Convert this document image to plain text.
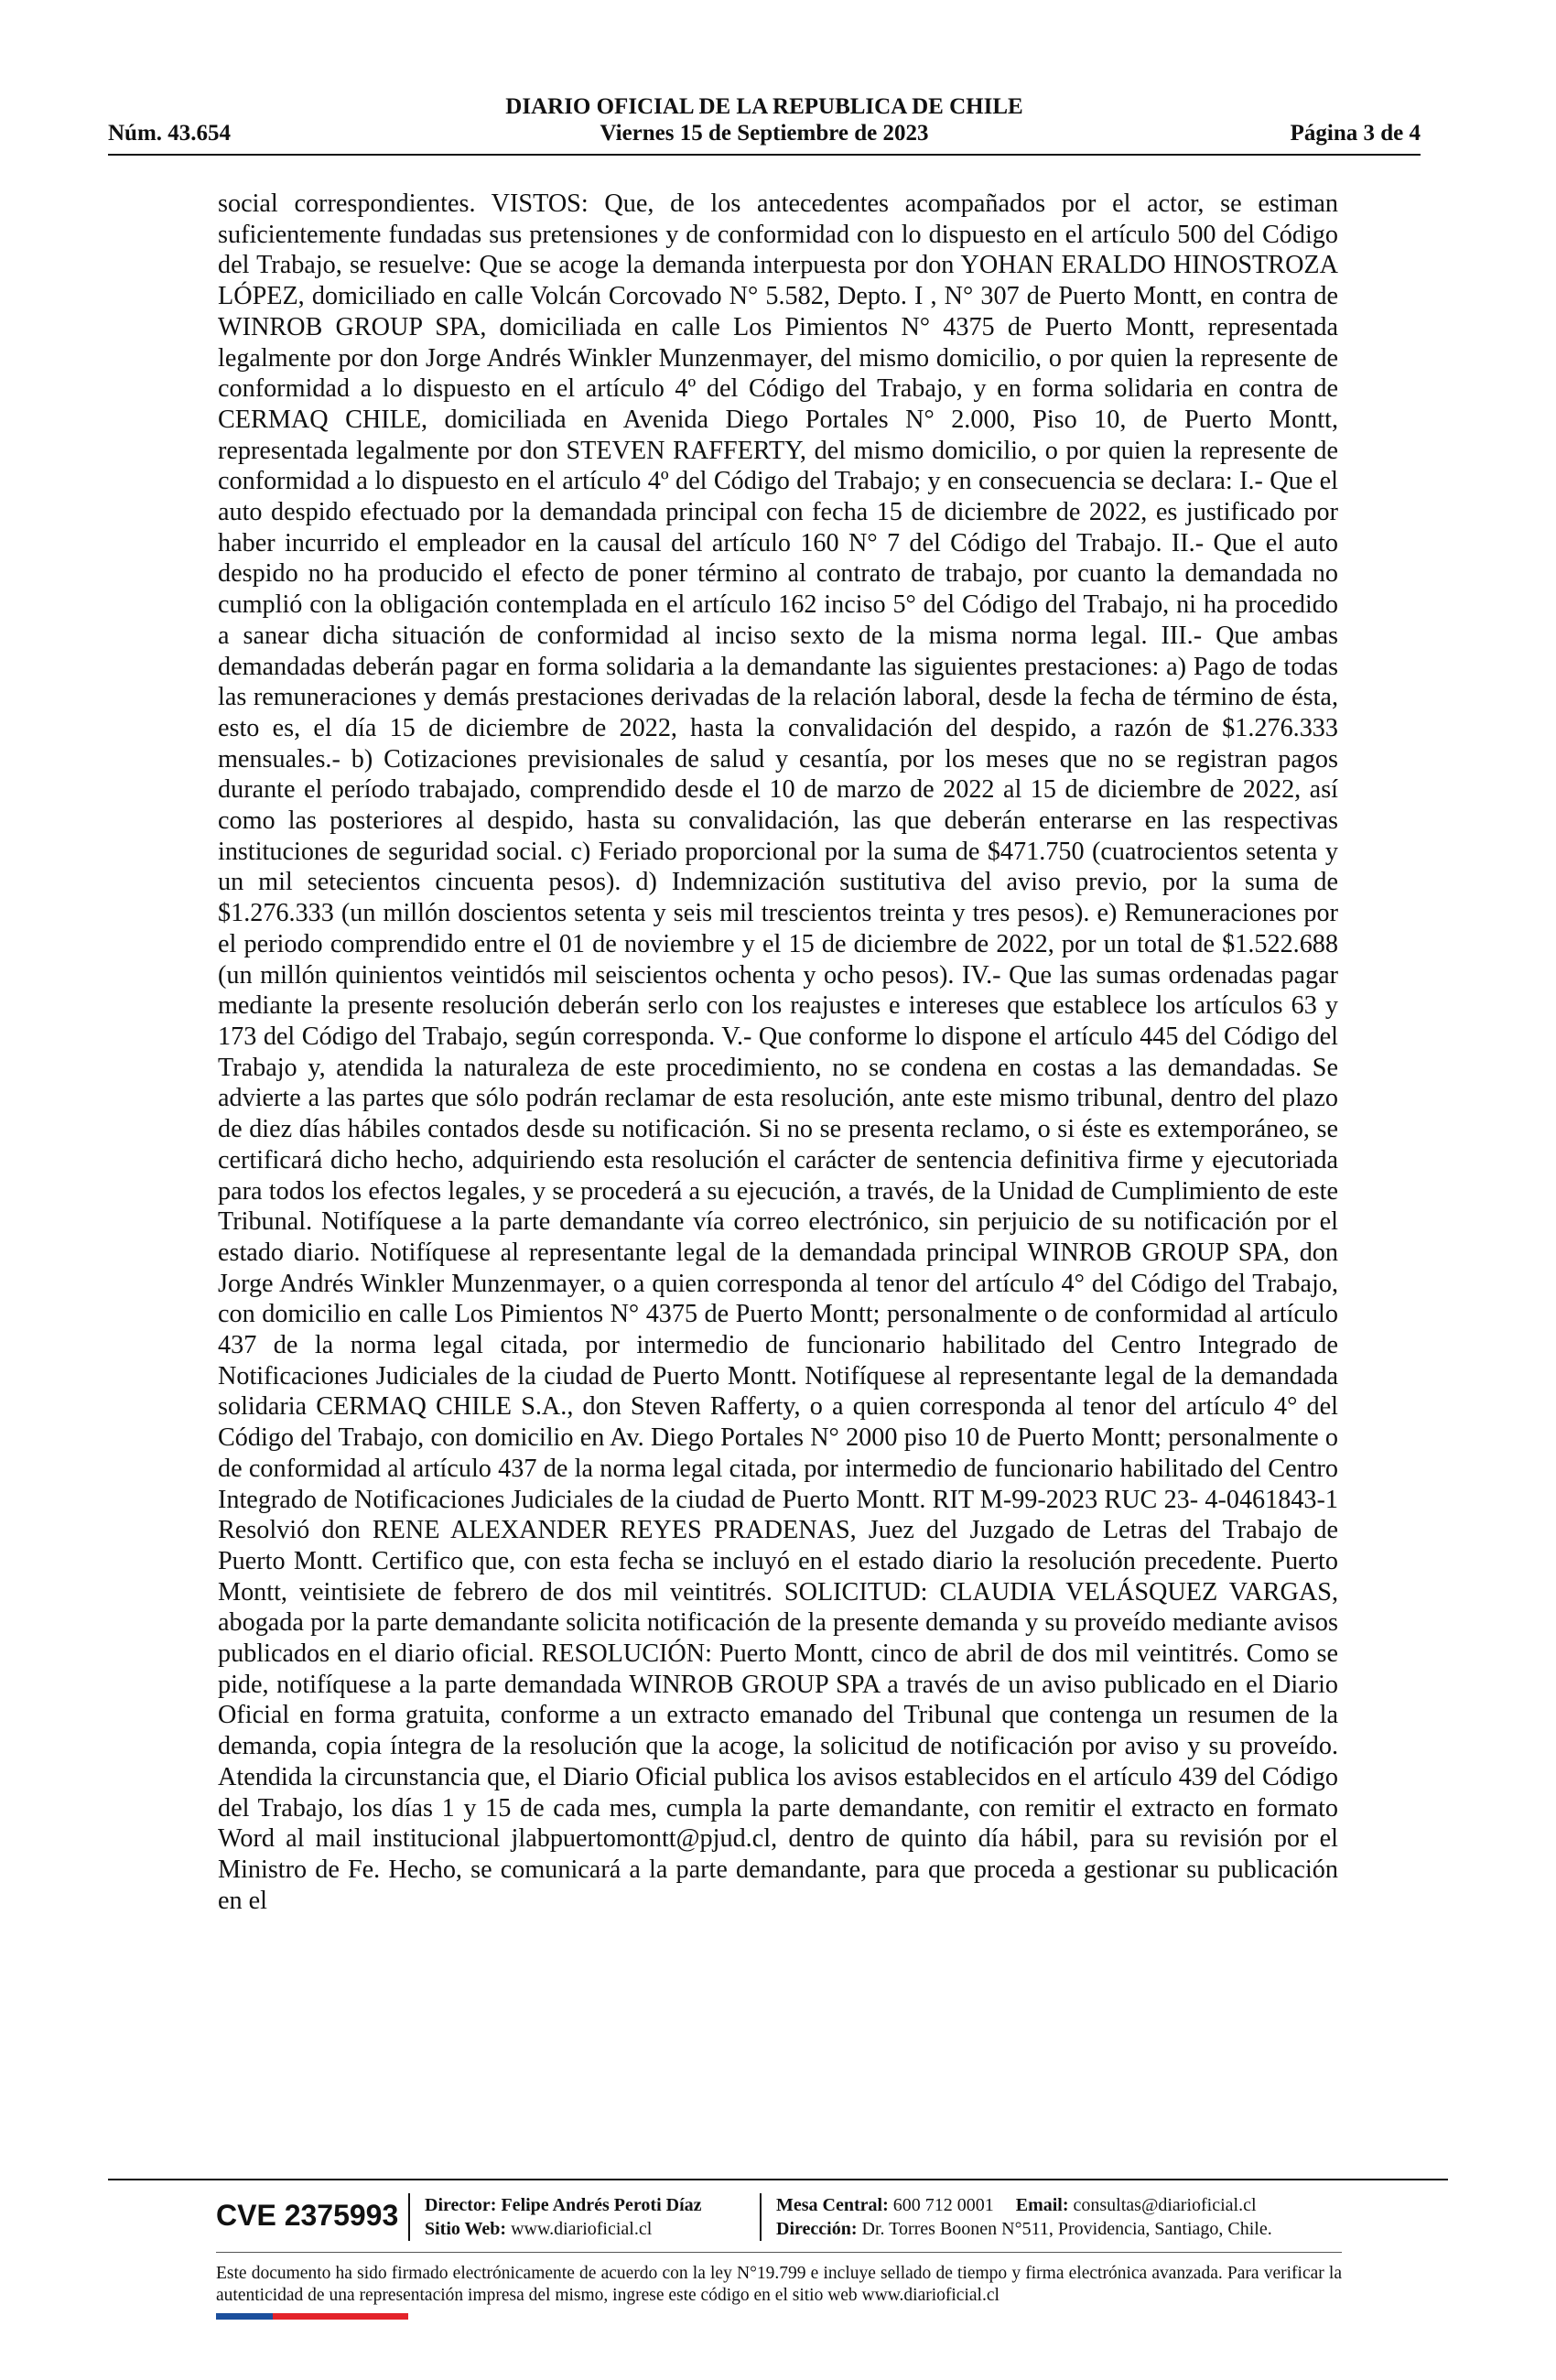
DIARIO OFICIAL DE LA REPUBLICA DE CHILE
Núm. 43.654	Viernes 15 de Septiembre de 2023	Página 3 de 4

social correspondientes. VISTOS: Que, de los antecedentes acompañados por el actor, se estiman suficientemente fundadas sus pretensiones y de conformidad con lo dispuesto en el artículo 500 del Código del Trabajo, se resuelve: Que se acoge la demanda interpuesta por don YOHAN ERALDO HINOSTROZA LÓPEZ, domiciliado en calle Volcán Corcovado N° 5.582, Depto. I , N° 307 de Puerto Montt, en contra de WINROB GROUP SPA, domiciliada en calle Los Pimientos N° 4375 de Puerto Montt, representada legalmente por don Jorge Andrés Winkler Munzenmayer, del mismo domicilio, o por quien la represente de conformidad a lo dispuesto en el artículo 4º del Código del Trabajo, y en forma solidaria en contra de CERMAQ CHILE, domiciliada en Avenida Diego Portales N° 2.000, Piso 10, de Puerto Montt, representada legalmente por don STEVEN RAFFERTY, del mismo domicilio, o por quien la represente de conformidad a lo dispuesto en el artículo 4º del Código del Trabajo; y en consecuencia se declara: I.- Que el auto despido efectuado por la demandada principal con fecha 15 de diciembre de 2022, es justificado por haber incurrido el empleador en la causal del artículo 160 N° 7 del Código del Trabajo. II.- Que el auto despido no ha producido el efecto de poner término al contrato de trabajo, por cuanto la demandada no cumplió con la obligación contemplada en el artículo 162 inciso 5° del Código del Trabajo, ni ha procedido a sanear dicha situación de conformidad al inciso sexto de la misma norma legal. III.- Que ambas demandadas deberán pagar en forma solidaria a la demandante las siguientes prestaciones: a) Pago de todas las remuneraciones y demás prestaciones derivadas de la relación laboral, desde la fecha de término de ésta, esto es, el día 15 de diciembre de 2022, hasta la convalidación del despido, a razón de $1.276.333 mensuales.- b) Cotizaciones previsionales de salud y cesantía, por los meses que no se registran pagos durante el período trabajado, comprendido desde el 10 de marzo de 2022 al 15 de diciembre de 2022, así como las posteriores al despido, hasta su convalidación, las que deberán enterarse en las respectivas instituciones de seguridad social. c) Feriado proporcional por la suma de $471.750 (cuatrocientos setenta y un mil setecientos cincuenta pesos). d) Indemnización sustitutiva del aviso previo, por la suma de $1.276.333 (un millón doscientos setenta y seis mil trescientos treinta y tres pesos). e) Remuneraciones por el periodo comprendido entre el 01 de noviembre y el 15 de diciembre de 2022, por un total de $1.522.688 (un millón quinientos veintidós mil seiscientos ochenta y ocho pesos). IV.- Que las sumas ordenadas pagar mediante la presente resolución deberán serlo con los reajustes e intereses que establece los artículos 63 y 173 del Código del Trabajo, según corresponda. V.- Que conforme lo dispone el artículo 445 del Código del Trabajo y, atendida la naturaleza de este procedimiento, no se condena en costas a las demandadas. Se advierte a las partes que sólo podrán reclamar de esta resolución, ante este mismo tribunal, dentro del plazo de diez días hábiles contados desde su notificación. Si no se presenta reclamo, o si éste es extemporáneo, se certificará dicho hecho, adquiriendo esta resolución el carácter de sentencia definitiva firme y ejecutoriada para todos los efectos legales, y se procederá a su ejecución, a través, de la Unidad de Cumplimiento de este Tribunal. Notifíquese a la parte demandante vía correo electrónico, sin perjuicio de su notificación por el estado diario. Notifíquese al representante legal de la demandada principal WINROB GROUP SPA, don Jorge Andrés Winkler Munzenmayer, o a quien corresponda al tenor del artículo 4° del Código del Trabajo, con domicilio en calle Los Pimientos N° 4375 de Puerto Montt; personalmente o de conformidad al artículo 437 de la norma legal citada, por intermedio de funcionario habilitado del Centro Integrado de Notificaciones Judiciales de la ciudad de Puerto Montt. Notifíquese al representante legal de la demandada solidaria CERMAQ CHILE S.A., don Steven Rafferty, o a quien corresponda al tenor del artículo 4° del Código del Trabajo, con domicilio en Av. Diego Portales N° 2000 piso 10 de Puerto Montt; personalmente o de conformidad al artículo 437 de la norma legal citada, por intermedio de funcionario habilitado del Centro Integrado de Notificaciones Judiciales de la ciudad de Puerto Montt. RIT M-99-2023 RUC 23- 4-0461843-1 Resolvió don RENE ALEXANDER REYES PRADENAS, Juez del Juzgado de Letras del Trabajo de Puerto Montt. Certifico que, con esta fecha se incluyó en el estado diario la resolución precedente. Puerto Montt, veintisiete de febrero de dos mil veintitrés. SOLICITUD: CLAUDIA VELÁSQUEZ VARGAS, abogada por la parte demandante solicita notificación de la presente demanda y su proveído mediante avisos publicados en el diario oficial. RESOLUCIÓN: Puerto Montt, cinco de abril de dos mil veintitrés. Como se pide, notifíquese a la parte demandada WINROB GROUP SPA a través de un aviso publicado en el Diario Oficial en forma gratuita, conforme a un extracto emanado del Tribunal que contenga un resumen de la demanda, copia íntegra de la resolución que la acoge, la solicitud de notificación por aviso y su proveído. Atendida la circunstancia que, el Diario Oficial publica los avisos establecidos en el artículo 439 del Código del Trabajo, los días 1 y 15 de cada mes, cumpla la parte demandante, con remitir el extracto en formato Word al mail institucional jlabpuertomontt@pjud.cl, dentro de quinto día hábil, para su revisión por el Ministro de Fe. Hecho, se comunicará a la parte demandante, para que proceda a gestionar su publicación en el

CVE 2375993 Director: Felipe Andrés Peroti Díaz
Sitio Web: www.diarioficial.cl
Mesa Central: 600 712 0001 Email: consultas@diarioficial.cl
Dirección: Dr. Torres Boonen N°511, Providencia, Santiago, Chile.
Este documento ha sido firmado electrónicamente de acuerdo con la ley N°19.799 e incluye sellado de tiempo y firma electrónica avanzada. Para verificar la autenticidad de una representación impresa del mismo, ingrese este código en el sitio web www.diarioficial.cl
